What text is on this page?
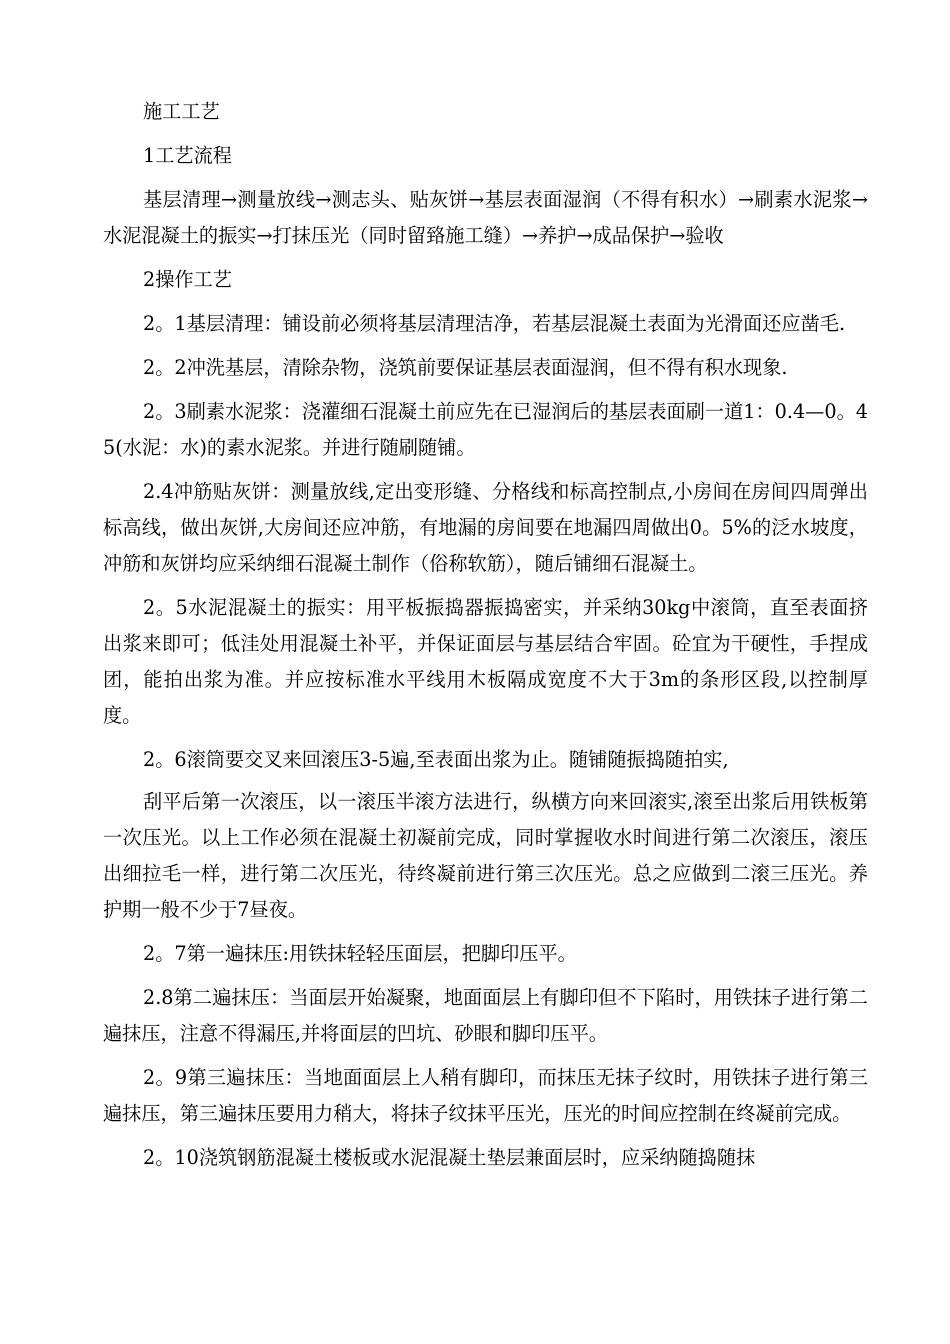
施工工艺

1工艺流程

基层清理→测量放线→测志头、贴灰饼→基层表面湿润（不得有积水）→刷素水泥浆→水泥混凝土的振实→打抹压光（同时留臵施工缝）→养护→成品保护→验收

2操作工艺

2。1基层清理：铺设前必须将基层清理洁净，若基层混凝土表面为光滑面还应凿毛.

2。2冲洗基层，清除杂物，浇筑前要保证基层表面湿润，但不得有积水现象.

2。3刷素水泥浆：浇灌细石混凝土前应先在已湿润后的基层表面刷一道1：0.4—0。45(水泥：水)的素水泥浆。并进行随刷随铺。

2.4冲筋贴灰饼：测量放线,定出变形缝、分格线和标高控制点,小房间在房间四周弹出标高线，做出灰饼,大房间还应冲筋，有地漏的房间要在地漏四周做出0。5%的泛水坡度，冲筋和灰饼均应采纳细石混凝土制作（俗称软筋），随后铺细石混凝土。

2。5水泥混凝土的振实：用平板振捣器振捣密实，并采纳30kg中滚筒，直至表面挤出浆来即可；低洼处用混凝土补平，并保证面层与基层结合牢固。砼宜为干硬性，手捏成团，能拍出浆为准。并应按标准水平线用木板隔成宽度不大于3m的条形区段,以控制厚度。

2。6滚筒要交叉来回滚压3-5遍,至表面出浆为止。随铺随振捣随拍实,

刮平后第一次滚压，以一滚压半滚方法进行，纵横方向来回滚实,滚至出浆后用铁板第一次压光。以上工作必须在混凝土初凝前完成，同时掌握收水时间进行第二次滚压，滚压出细拉毛一样，进行第二次压光，待终凝前进行第三次压光。总之应做到二滚三压光。养护期一般不少于7昼夜。

2。7第一遍抹压:用铁抹轻轻压面层，把脚印压平。

2.8第二遍抹压：当面层开始凝聚，地面面层上有脚印但不下陷时，用铁抹子进行第二遍抹压，注意不得漏压,并将面层的凹坑、砂眼和脚印压平。

2。9第三遍抹压：当地面面层上人稍有脚印，而抹压无抹子纹时，用铁抹子进行第三遍抹压，第三遍抹压要用力稍大，将抹子纹抹平压光，压光的时间应控制在终凝前完成。

2。10浇筑钢筋混凝土楼板或水泥混凝土垫层兼面层时，应采纳随捣随抹
